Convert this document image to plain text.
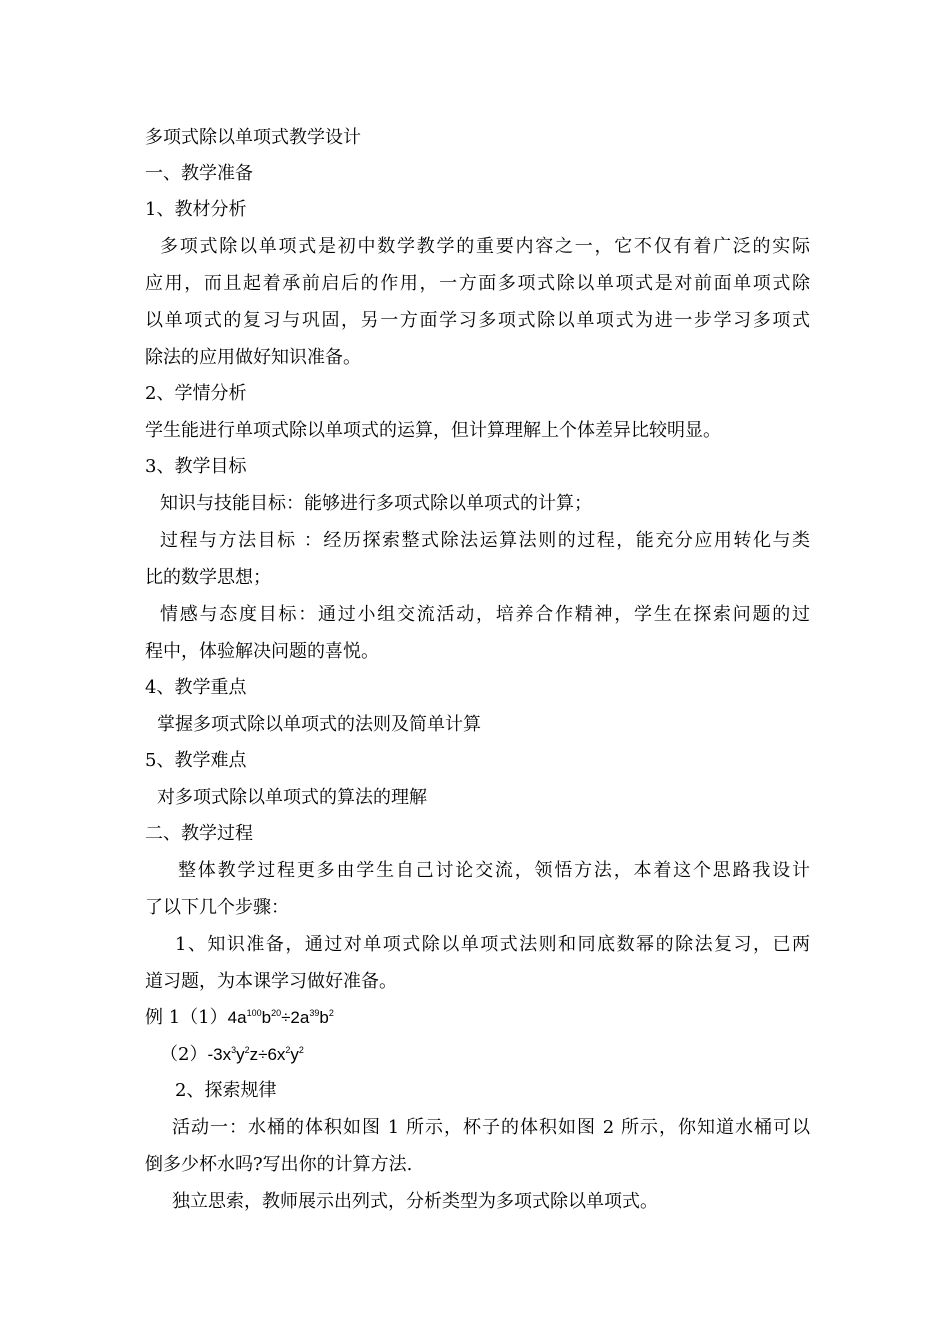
多项式除以单项式教学设计
一、教学准备
1、教材分析
多项式除以单项式是初中数学教学的重要内容之一，它不仅有着广泛的实际
应用，而且起着承前启后的作用，一方面多项式除以单项式是对前面单项式除
以单项式的复习与巩固，另一方面学习多项式除以单项式为进一步学习多项式
除法的应用做好知识准备。
2、学情分析
学生能进行单项式除以单项式的运算，但计算理解上个体差异比较明显。
3、教学目标
知识与技能目标：能够进行多项式除以单项式的计算；
过程与方法目标 ：经历探索整式除法运算法则的过程，能充分应用转化与类
比的数学思想；
情感与态度目标：通过小组交流活动，培养合作精神，学生在探索问题的过
程中，体验解决问题的喜悦。
4、教学重点
掌握多项式除以单项式的法则及简单计算
5、教学难点
对多项式除以单项式的算法的理解
二、教学过程
整体教学过程更多由学生自己讨论交流，领悟方法，本着这个思路我设计
了以下几个步骤：
1、知识准备，通过对单项式除以单项式法则和同底数幂的除法复习，已两
道习题，为本课学习做好准备。
例 $1(1)4a^{100}b^{20}\div 2a^{39}b^2$
$(2)-3x^3y^2z\div 6x^2y^2$
2、探索规律
活动一：水桶的体积如图 1 所示，杯子的体积如图 2 所示，你知道水桶可以
倒多少杯水吗?写出你的计算方法.
独立思索，教师展示出列式，分析类型为多项式除以单项式。
